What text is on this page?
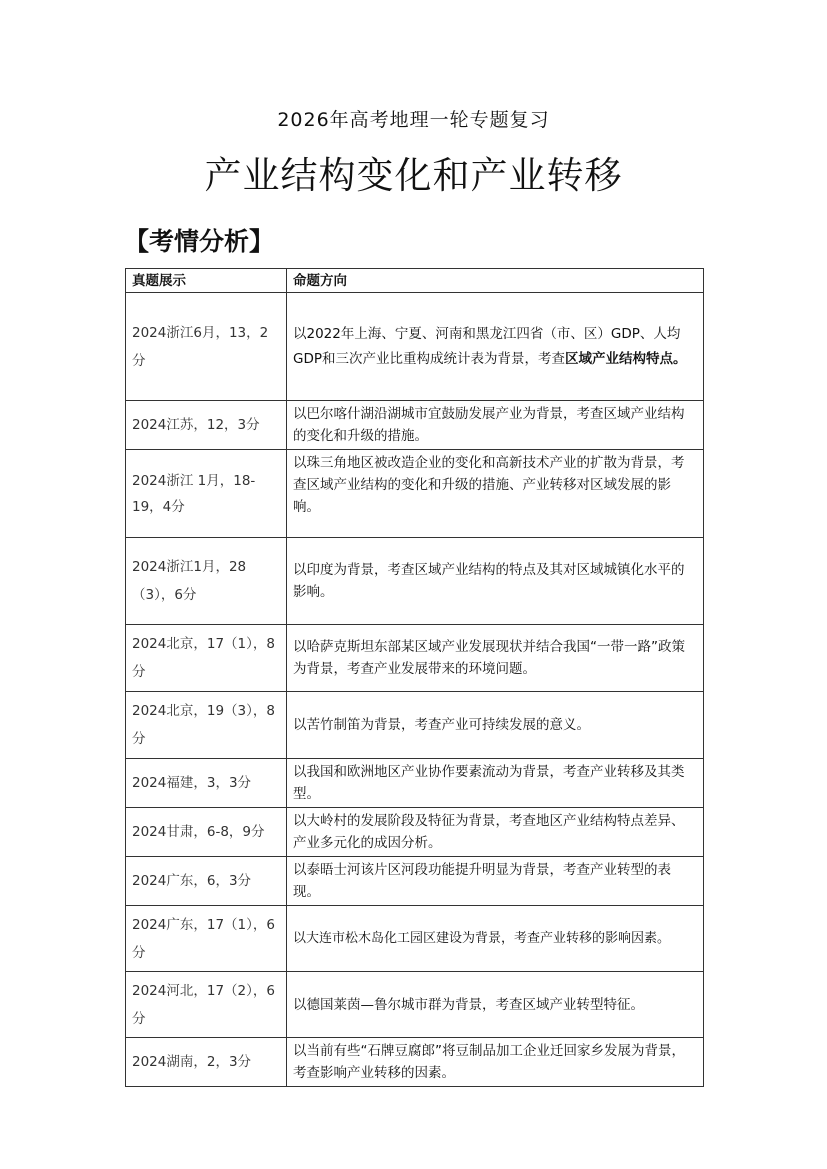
2026年高考地理一轮专题复习
产业结构变化和产业转移
【考情分析】
真题展示	命题方向
2024浙江6月，13，2分	以2022年上海、宁夏、河南和黑龙江四省（市、区）GDP、人均GDP和三次产业比重构成统计表为背景，考查区域产业结构特点。
2024江苏，12，3分	以巴尔喀什湖沿湖城市宜鼓励发展产业为背景，考查区域产业结构的变化和升级的措施。
2024浙江 1月，18-19，4分	以珠三角地区被改造企业的变化和高新技术产业的扩散为背景，考查区域产业结构的变化和升级的措施、产业转移对区域发展的影响。
2024浙江1月，28（3），6分	以印度为背景，考查区域产业结构的特点及其对区域城镇化水平的影响。
2024北京，17（1），8分	以哈萨克斯坦东部某区域产业发展现状并结合我国“一带一路”政策为背景，考查产业发展带来的环境问题。
2024北京，19（3），8分	以苦竹制笛为背景，考查产业可持续发展的意义。
2024福建，3，3分	以我国和欧洲地区产业协作要素流动为背景，考查产业转移及其类型。
2024甘肃，6-8，9分	以大岭村的发展阶段及特征为背景，考查地区产业结构特点差异、产业多元化的成因分析。
2024广东，6，3分	以泰晤士河该片区河段功能提升明显为背景，考查产业转型的表现。
2024广东，17（1），6分	以大连市松木岛化工园区建设为背景，考查产业转移的影响因素。
2024河北，17（2），6分	以德国莱茵—鲁尔城市群为背景，考查区域产业转型特征。
2024湖南，2，3分	以当前有些“石牌豆腐郎”将豆制品加工企业迁回家乡发展为背景，考查影响产业转移的因素。
